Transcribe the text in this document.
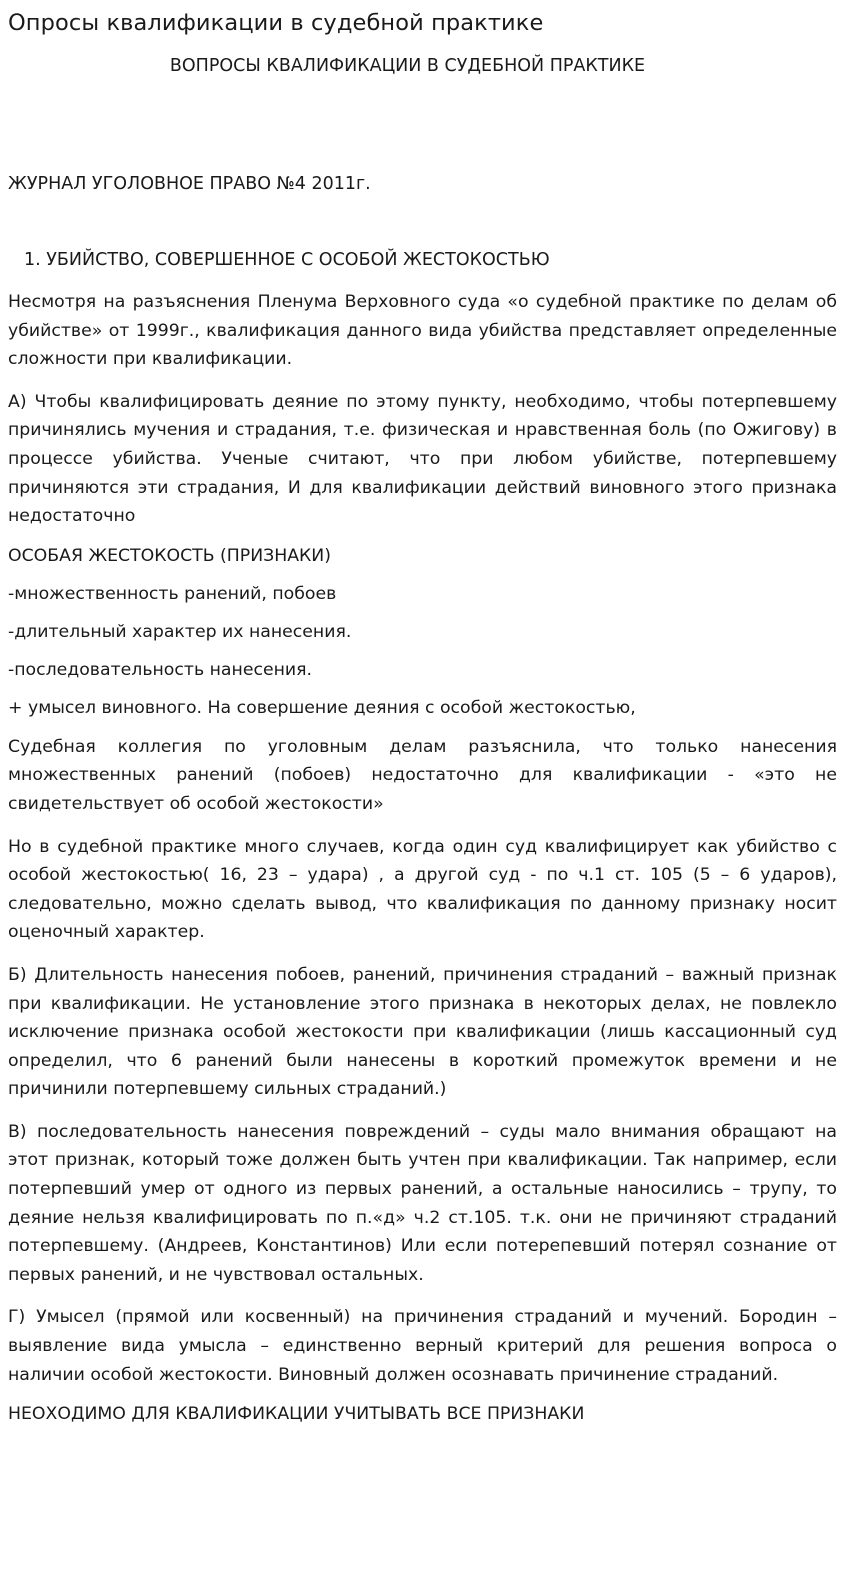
Опросы квалификации в судебной практике
ВОПРОСЫ КВАЛИФИКАЦИИ В СУДЕБНОЙ ПРАКТИКЕ
ЖУРНАЛ УГОЛОВНОЕ ПРАВО №4 2011г.
1. УБИЙСТВО, СОВЕРШЕННОЕ С ОСОБОЙ ЖЕСТОКОСТЬЮ

Несмотря на разъяснения Пленума Верховного суда «о судебной практике по делам об убийстве» от 1999г., квалификация данного вида убийства представляет определенные сложности при квалификации.

А) Чтобы квалифицировать деяние по этому пункту, необходимо, чтобы потерпевшему причинялись мучения и страдания, т.е. физическая и нравственная боль (по Ожигову) в процессе убийства. Ученые считают, что при любом убийстве, потерпевшему причиняются эти страдания, И для квалификации действий виновного этого признака недостаточно

ОСОБАЯ ЖЕСТОКОСТЬ (ПРИЗНАКИ)
-множественность ранений, побоев
-длительный характер их нанесения.
-последовательность нанесения.
+ умысел виновного. На совершение деяния с особой жестокостью,

Судебная коллегия по уголовным делам разъяснила, что только нанесения множественных ранений (побоев) недостаточно для квалификации - «это не свидетельствует об особой жестокости»

Но в судебной практике много случаев, когда один суд квалифицирует как убийство с особой жестокостью( 16, 23 – удара) , а другой суд - по ч.1 ст. 105 (5 – 6 ударов), следовательно, можно сделать вывод, что квалификация по данному признаку носит оценочный характер.

Б) Длительность нанесения побоев, ранений, причинения страданий – важный признак при квалификации. Не установление этого признака в некоторых делах, не повлекло исключение признака особой жестокости при квалификации (лишь кассационный суд определил, что 6 ранений были нанесены в короткий промежуток времени и не причинили потерпевшему сильных страданий.)

В) последовательность нанесения повреждений – суды мало внимания обращают на этот признак, который тоже должен быть учтен при квалификации. Так например, если потерпевший умер от одного из первых ранений, а остальные наносились – трупу, то деяние нельзя квалифицировать по п.«д» ч.2 ст.105. т.к. они не причиняют страданий потерпевшему. (Андреев, Константинов) Или если потерепевший потерял сознание от первых ранений, и не чувствовал остальных.

Г) Умысел (прямой или косвенный) на причинения страданий и мучений. Бородин – выявление вида умысла – единственно верный критерий для решения вопроса о наличии особой жестокости. Виновный должен осознавать причинение страданий.

НЕОХОДИМО ДЛЯ КВАЛИФИКАЦИИ УЧИТЫВАТЬ ВСЕ ПРИЗНАКИ
